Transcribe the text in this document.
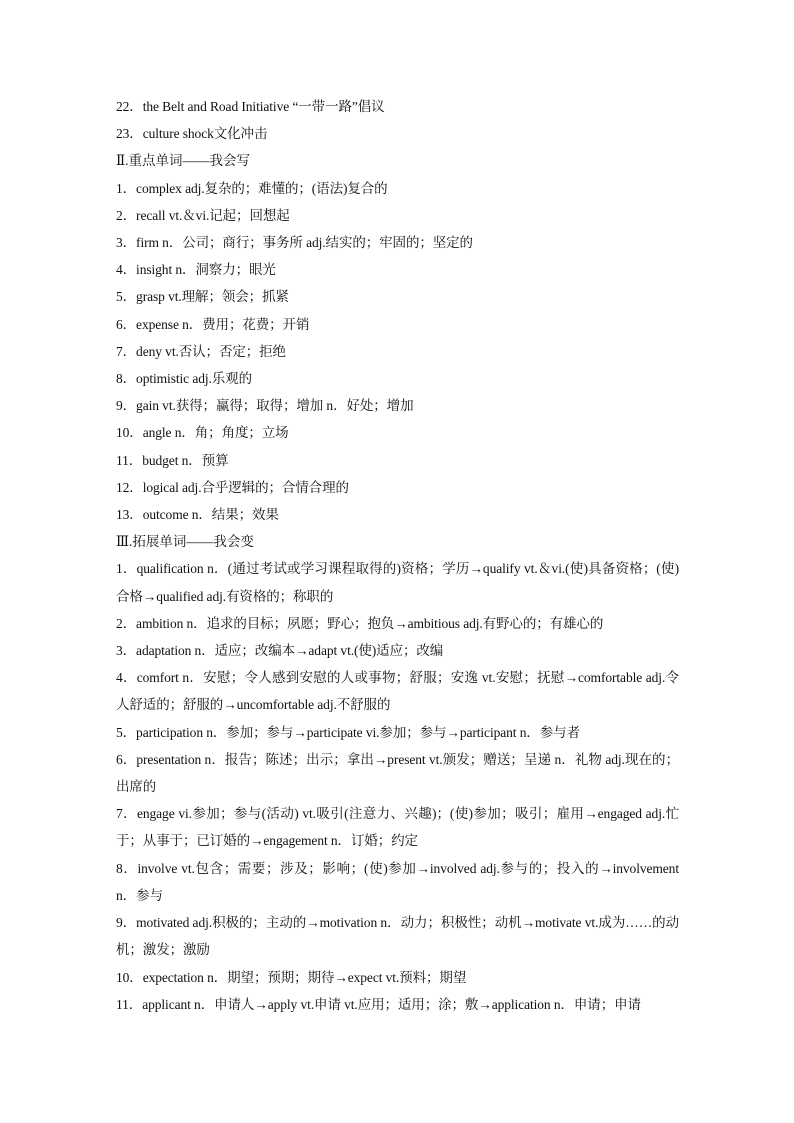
22．the Belt and Road Initiative “一带一路”倡议
23．culture shock文化冲击
Ⅱ.重点单词——我会写
1．complex adj.复杂的；难懂的；(语法)复合的
2．recall vt.＆vi.记起；回想起
3．firm n．公司；商行；事务所 adj.结实的；牢固的；坚定的
4．insight n．洞察力；眼光
5．grasp vt.理解；领会；抓紧
6．expense n．费用；花费；开销
7．deny vt.否认；否定；拒绝
8．optimistic adj.乐观的
9．gain vt.获得；赢得；取得；增加 n．好处；增加
10．angle n．角；角度；立场
11．budget n．预算
12．logical adj.合乎逻辑的；合情合理的
13．outcome n．结果；效果
Ⅲ.拓展单词——我会变
1．qualification n．(通过考试或学习课程取得的)资格；学历→qualify vt.＆vi.(使)具备资格；(使)合格→qualified adj.有资格的；称职的
2．ambition n．追求的目标；夙愿；野心；抱负→ambitious adj.有野心的；有雄心的
3．adaptation n．适应；改编本→adapt vt.(使)适应；改编
4．comfort n．安慰；令人感到安慰的人或事物；舒服；安逸 vt.安慰；抚慰→comfortable adj.令人舒适的；舒服的→uncomfortable adj.不舒服的
5．participation n．参加；参与→participate vi.参加；参与→participant n．参与者
6．presentation n．报告；陈述；出示；拿出→present vt.颁发；赠送；呈递 n．礼物 adj.现在的；出席的
7．engage vi.参加；参与(活动) vt.吸引(注意力、兴趣)；(使)参加；吸引；雇用→engaged adj.忙于；从事于；已订婚的→engagement n．订婚；约定
8．involve vt.包含；需要；涉及；影响；(使)参加→involved adj.参与的；投入的→involvement n．参与
9．motivated adj.积极的；主动的→motivation n．动力；积极性；动机→motivate vt.成为……的动机；激发；激励
10．expectation n．期望；预期；期待→expect vt.预料；期望
11．applicant n．申请人→apply vt.申请 vt.应用；适用；涂；敷→application n．申请；申请
